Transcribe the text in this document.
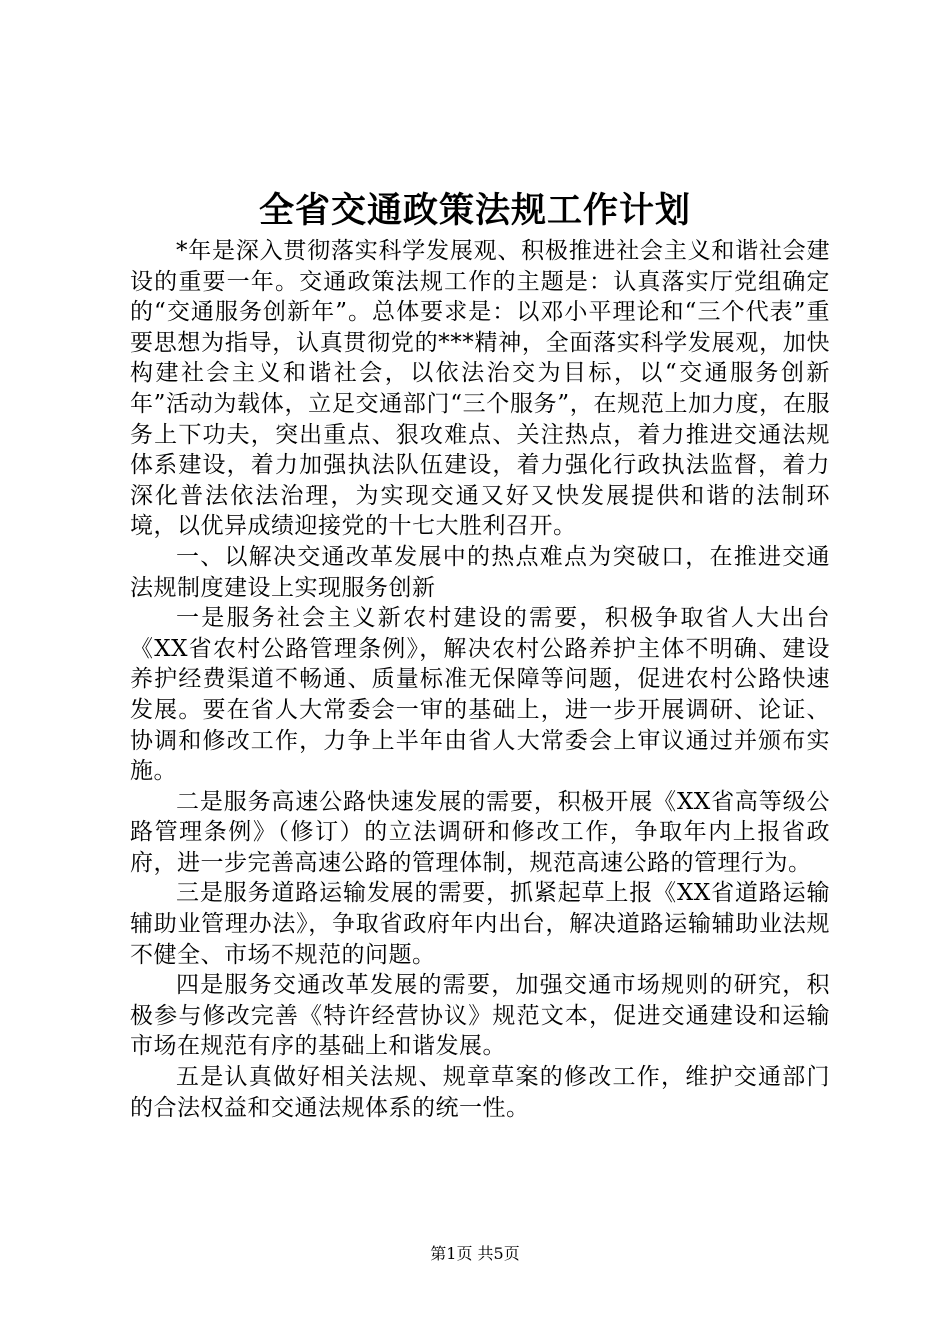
全省交通政策法规工作计划

*年是深入贯彻落实科学发展观、积极推进社会主义和谐社会建设的重要一年。交通政策法规工作的主题是：认真落实厅党组确定的“交通服务创新年”。总体要求是：以邓小平理论和“三个代表”重要思想为指导，认真贯彻党的***精神，全面落实科学发展观，加快构建社会主义和谐社会，以依法治交为目标，以“交通服务创新年”活动为载体，立足交通部门“三个服务”，在规范上加力度，在服务上下功夫，突出重点、狠攻难点、关注热点，着力推进交通法规体系建设，着力加强执法队伍建设，着力强化行政执法监督，着力深化普法依法治理，为实现交通又好又快发展提供和谐的法制环境，以优异成绩迎接党的十七大胜利召开。

一、以解决交通改革发展中的热点难点为突破口，在推进交通法规制度建设上实现服务创新

一是服务社会主义新农村建设的需要，积极争取省人大出台《XX省农村公路管理条例》，解决农村公路养护主体不明确、建设养护经费渠道不畅通、质量标准无保障等问题，促进农村公路快速发展。要在省人大常委会一审的基础上，进一步开展调研、论证、协调和修改工作，力争上半年由省人大常委会上审议通过并颁布实施。

二是服务高速公路快速发展的需要，积极开展《XX省高等级公路管理条例》（修订）的立法调研和修改工作，争取年内上报省政府，进一步完善高速公路的管理体制，规范高速公路的管理行为。

三是服务道路运输发展的需要，抓紧起草上报《XX省道路运输辅助业管理办法》，争取省政府年内出台，解决道路运输辅助业法规不健全、市场不规范的问题。

四是服务交通改革发展的需要，加强交通市场规则的研究，积极参与修改完善《特许经营协议》规范文本，促进交通建设和运输市场在规范有序的基础上和谐发展。

五是认真做好相关法规、规章草案的修改工作，维护交通部门的合法权益和交通法规体系的统一性。

第1页 共5页
